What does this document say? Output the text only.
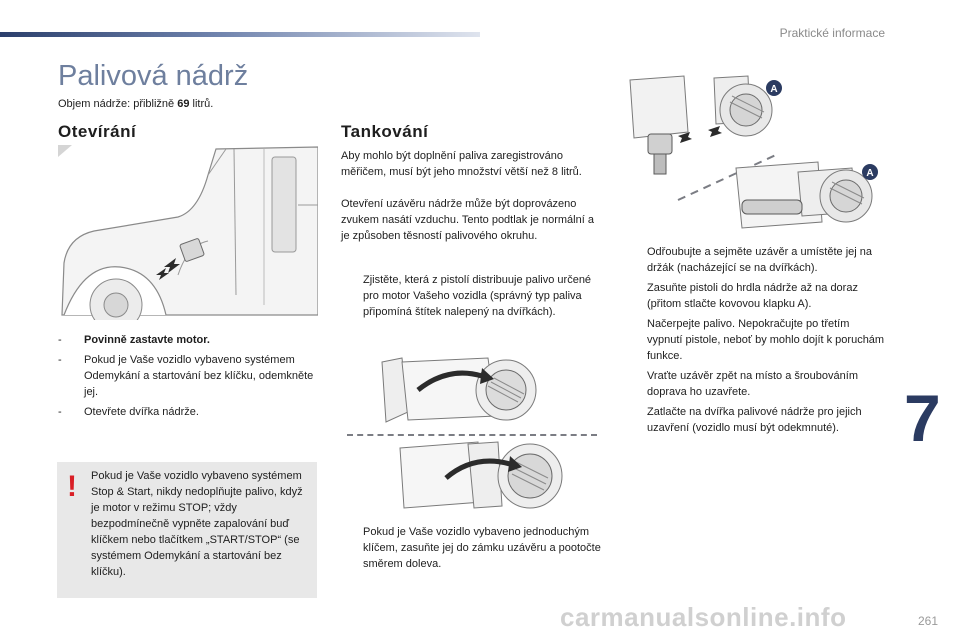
Praktické informace
Palivová nádrž
Objem nádrže: přibližně 69 litrů.
Otevírání
-	Povinně zastavte motor.
-	Pokud je Vaše vozidlo vybaveno systémem Odemykání a startování bez klíčku, odemkněte jej.
-	Otevřete dvířka nádrže.
! Pokud je Vaše vozidlo vybaveno systémem Stop & Start, nikdy nedoplňujte palivo, když je motor v režimu STOP; vždy bezpodmínečně vypněte zapalování buď klíčkem nebo tlačítkem „START/STOP“ (se systémem Odemykání a startování bez klíčku).
Tankování
Aby mohlo být doplnění paliva zaregistrováno měřičem, musí být jeho množství větší než 8 litrů.
Otevření uzávěru nádrže může být doprovázeno zvukem nasátí vzduchu. Tento podtlak je normální a je způsoben těsností palivového okruhu.
Zjistěte, která z pistolí distribuuje palivo určené pro motor Vašeho vozidla (správný typ paliva připomíná štítek nalepený na dvířkách).
Pokud je Vaše vozidlo vybaveno jednoduchým klíčem, zasuňte jej do zámku uzávěru a pootočte směrem doleva.
A
A
Odřoubujte a sejměte uzávěr a umístěte jej na držák (nacházející se na dvířkách).
Zasuňte pistoli do hrdla nádrže až na doraz (přitom stlačte kovovou klapku A).
Načerpejte palivo. Nepokračujte po třetím vypnutí pistole, neboť by mohlo dojít k poruchám funkce.
Vraťte uzávěr zpět na místo a šroubováním doprava ho uzavřete.
Zatlačte na dvířka palivové nádrže pro jejich uzavření (vozidlo musí být odekmnuté). 7
carmanualsonline.info	261
